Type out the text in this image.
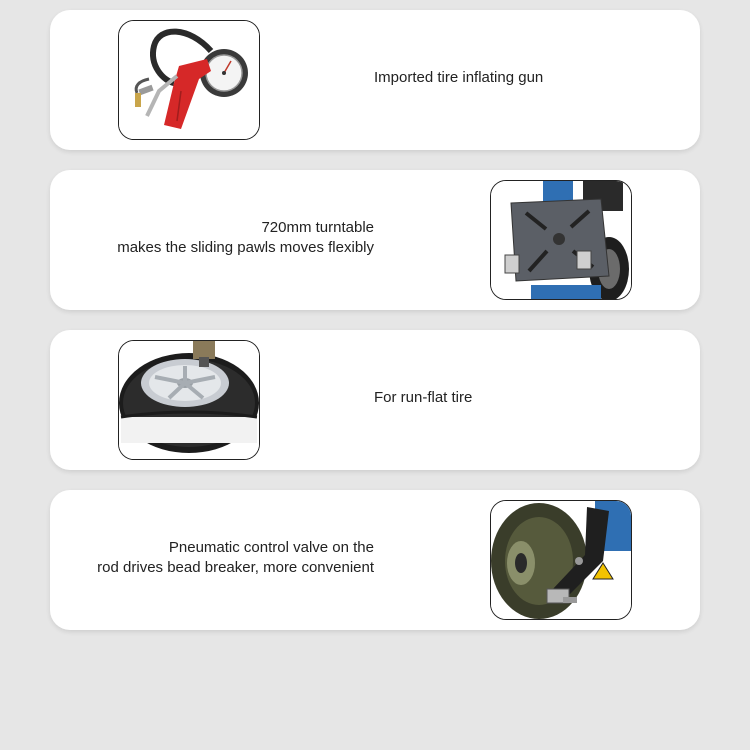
Imported tire inflating gun
720mm turntable
makes the sliding pawls moves flexibly
For run-flat tire
Pneumatic control valve on the
rod drives bead breaker, more convenient
